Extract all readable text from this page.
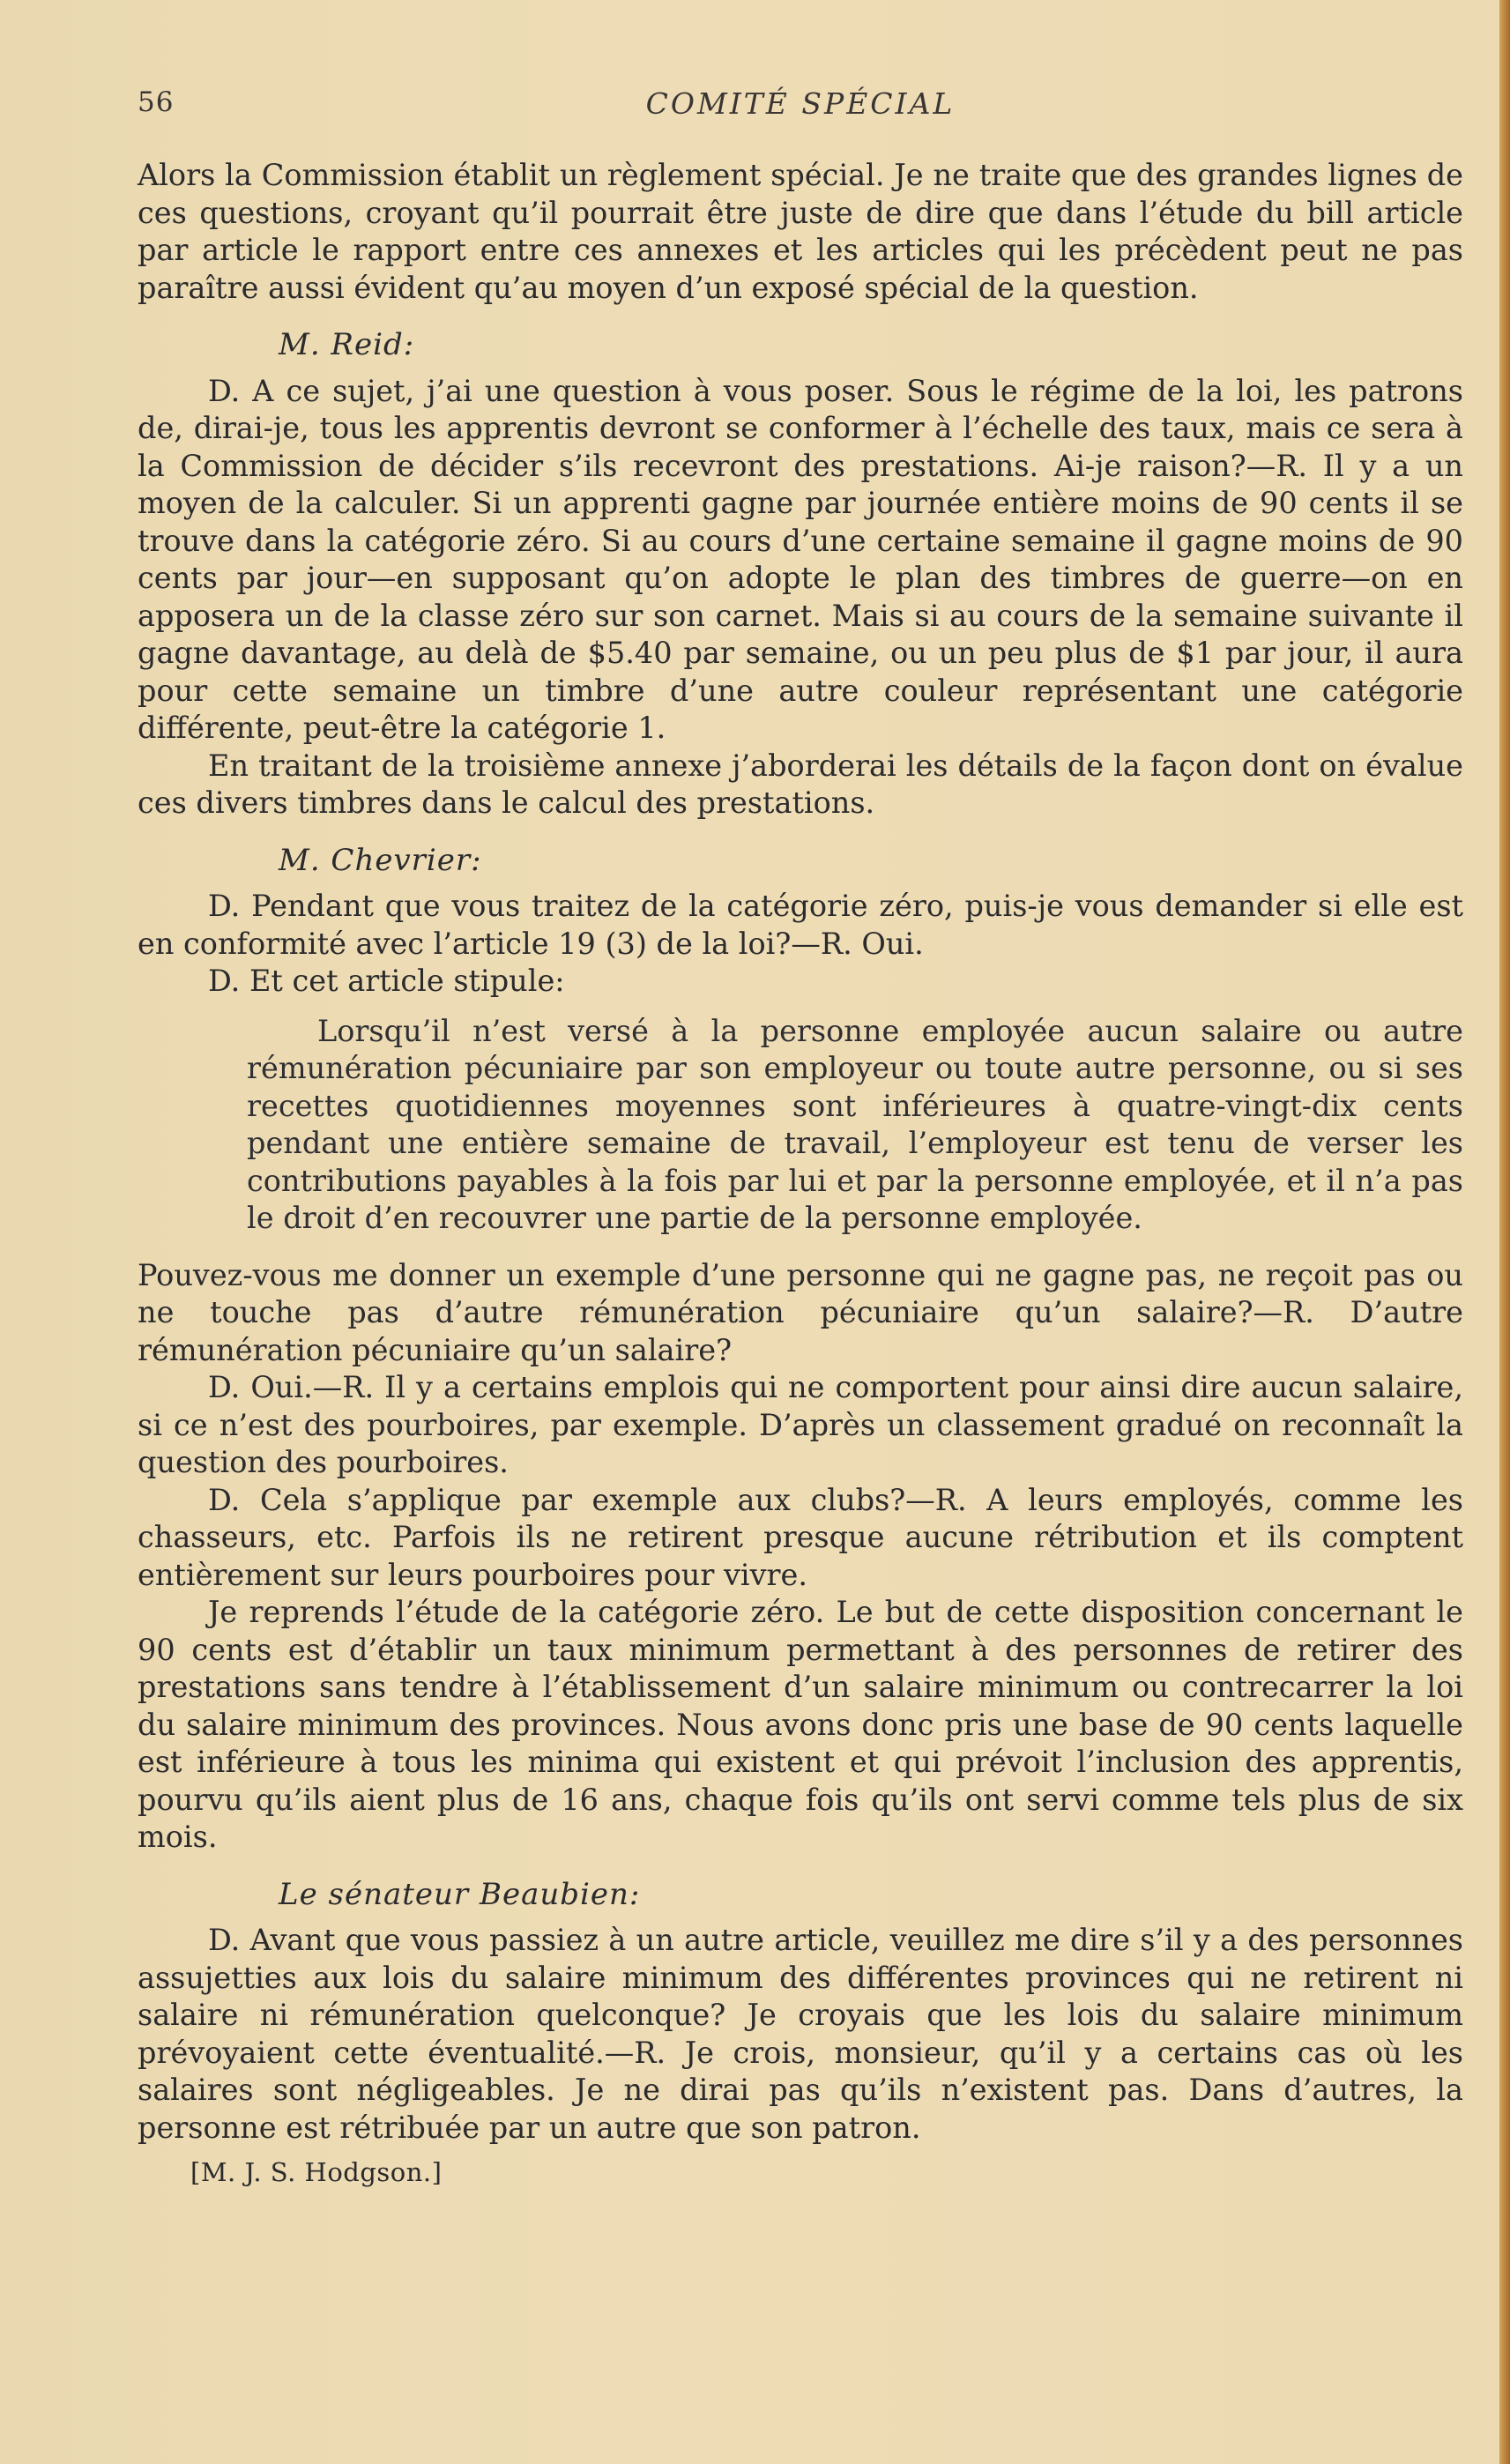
56	COMITÉ SPÉCIAL

Alors la Commission établit un règlement spécial. Je ne traite que des grandes lignes de ces questions, croyant qu’il pourrait être juste de dire que dans l’étude du bill article par article le rapport entre ces annexes et les articles qui les précèdent peut ne pas paraître aussi évident qu’au moyen d’un exposé spécial de la question.

M. Reid:

D. A ce sujet, j’ai une question à vous poser. Sous le régime de la loi, les patrons de, dirai-je, tous les apprentis devront se conformer à l’échelle des taux, mais ce sera à la Commission de décider s’ils recevront des prestations. Ai-je raison?—R. Il y a un moyen de la calculer. Si un apprenti gagne par journée entière moins de 90 cents il se trouve dans la catégorie zéro. Si au cours d’une certaine semaine il gagne moins de 90 cents par jour—en supposant qu’on adopte le plan des timbres de guerre—on en apposera un de la classe zéro sur son carnet. Mais si au cours de la semaine suivante il gagne davantage, au delà de $5.40 par semaine, ou un peu plus de $1 par jour, il aura pour cette semaine un timbre d’une autre couleur représentant une catégorie différente, peut-être la catégorie 1.

En traitant de la troisième annexe j’aborderai les détails de la façon dont on évalue ces divers timbres dans le calcul des prestations.

M. Chevrier:

D. Pendant que vous traitez de la catégorie zéro, puis-je vous demander si elle est en conformité avec l’article 19 (3) de la loi?—R. Oui.

D. Et cet article stipule:

Lorsqu’il n’est versé à la personne employée aucun salaire ou autre rémunération pécuniaire par son employeur ou toute autre personne, ou si ses recettes quotidiennes moyennes sont inférieures à quatre-vingt-dix cents pendant une entière semaine de travail, l’employeur est tenu de verser les contributions payables à la fois par lui et par la personne employée, et il n’a pas le droit d’en recouvrer une partie de la personne employée.

Pouvez-vous me donner un exemple d’une personne qui ne gagne pas, ne reçoit pas ou ne touche pas d’autre rémunération pécuniaire qu’un salaire?—R. D’autre rémunération pécuniaire qu’un salaire?

D. Oui.—R. Il y a certains emplois qui ne comportent pour ainsi dire aucun salaire, si ce n’est des pourboires, par exemple. D’après un classement gradué on reconnaît la question des pourboires.

D. Cela s’applique par exemple aux clubs?—R. A leurs employés, comme les chasseurs, etc. Parfois ils ne retirent presque aucune rétribution et ils comptent entièrement sur leurs pourboires pour vivre.

Je reprends l’étude de la catégorie zéro. Le but de cette disposition concernant le 90 cents est d’établir un taux minimum permettant à des personnes de retirer des prestations sans tendre à l’établissement d’un salaire minimum ou contrecarrer la loi du salaire minimum des provinces. Nous avons donc pris une base de 90 cents laquelle est inférieure à tous les minima qui existent et qui prévoit l’inclusion des apprentis, pourvu qu’ils aient plus de 16 ans, chaque fois qu’ils ont servi comme tels plus de six mois.

Le sénateur Beaubien:

D. Avant que vous passiez à un autre article, veuillez me dire s’il y a des personnes assujetties aux lois du salaire minimum des différentes provinces qui ne retirent ni salaire ni rémunération quelconque? Je croyais que les lois du salaire minimum prévoyaient cette éventualité.—R. Je crois, monsieur, qu’il y a certains cas où les salaires sont négligeables. Je ne dirai pas qu’ils n’existent pas. Dans d’autres, la personne est rétribuée par un autre que son patron.

[M. J. S. Hodgson.]
